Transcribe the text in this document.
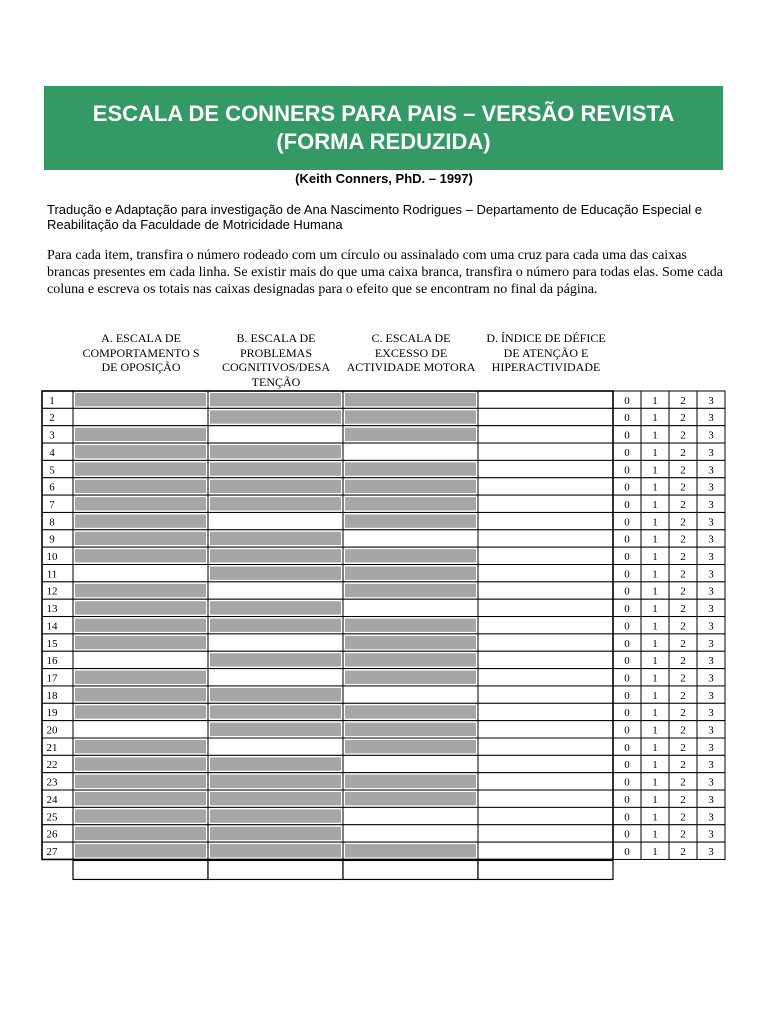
ESCALA DE CONNERS PARA PAIS – VERSÃO REVISTA
(FORMA REDUZIDA)
(Keith Conners, PhD. – 1997)
Tradução e Adaptação para investigação de Ana Nascimento Rodrigues – Departamento de Educação Especial e Reabilitação da Faculdade de Motricidade Humana
Para cada item, transfira o número rodeado com um círculo ou assinalado com uma cruz para cada uma das caixas brancas presentes em cada linha. Se existir mais do que uma caixa branca, transfira o número para todas elas. Some cada coluna e escreva os totais nas caixas designadas para o efeito que se encontram no final da página.
A. ESCALA DE COMPORTAMENTO S DE OPOSIÇÃO
B. ESCALA DE PROBLEMAS COGNITIVOS/DESA TENÇÃO
C. ESCALA DE EXCESSO DE ACTIVIDADE MOTORA
D. ÍNDICE DE DÉFICE DE ATENÇÃO E HIPERACTIVIDADE
1	0 1 2 3
2	0 1 2 3
3	0 1 2 3
4	0 1 2 3
5	0 1 2 3
6	0 1 2 3
7	0 1 2 3
8	0 1 2 3
9	0 1 2 3
10	0 1 2 3
11	0 1 2 3
12	0 1 2 3
13	0 1 2 3
14	0 1 2 3
15	0 1 2 3
16	0 1 2 3
17	0 1 2 3
18	0 1 2 3
19	0 1 2 3
20	0 1 2 3
21	0 1 2 3
22	0 1 2 3
23	0 1 2 3
24	0 1 2 3
25	0 1 2 3
26	0 1 2 3
27	0 1 2 3
